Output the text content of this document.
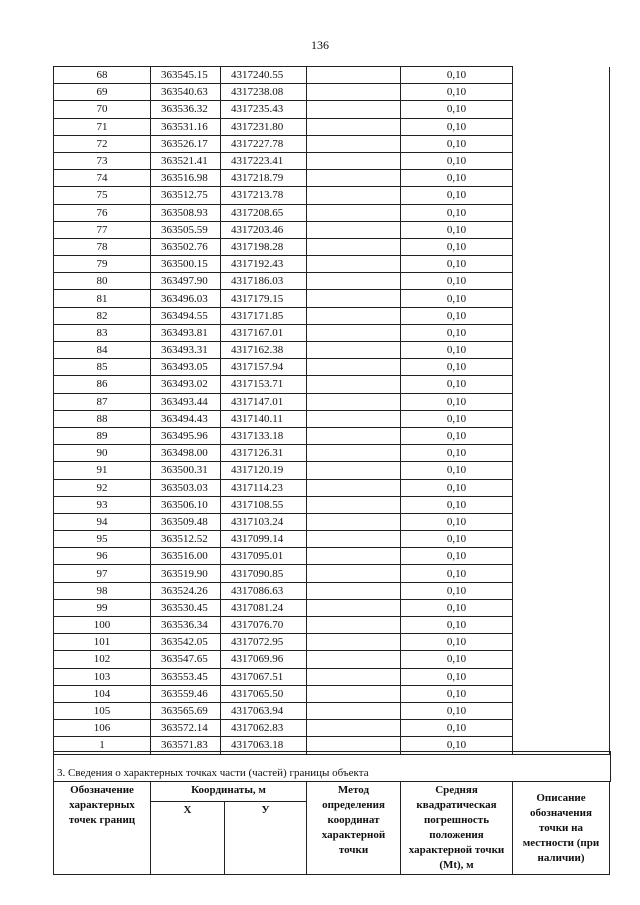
136
68	363545.15	4317240.55		0,10	
69	363540.63	4317238.08		0,10	
70	363536.32	4317235.43		0,10	
71	363531.16	4317231.80		0,10	
72	363526.17	4317227.78		0,10	
73	363521.41	4317223.41		0,10	
74	363516.98	4317218.79		0,10	
75	363512.75	4317213.78		0,10	
76	363508.93	4317208.65		0,10	
77	363505.59	4317203.46		0,10	
78	363502.76	4317198.28		0,10	
79	363500.15	4317192.43		0,10	
80	363497.90	4317186.03		0,10	
81	363496.03	4317179.15		0,10	
82	363494.55	4317171.85		0,10	
83	363493.81	4317167.01		0,10	
84	363493.31	4317162.38		0,10	
85	363493.05	4317157.94		0,10	
86	363493.02	4317153.71		0,10	
87	363493.44	4317147.01		0,10	
88	363494.43	4317140.11		0,10	
89	363495.96	4317133.18		0,10	
90	363498.00	4317126.31		0,10	
91	363500.31	4317120.19		0,10	
92	363503.03	4317114.23		0,10	
93	363506.10	4317108.55		0,10	
94	363509.48	4317103.24		0,10	
95	363512.52	4317099.14		0,10	
96	363516.00	4317095.01		0,10	
97	363519.90	4317090.85		0,10	
98	363524.26	4317086.63		0,10	
99	363530.45	4317081.24		0,10	
100	363536.34	4317076.70		0,10	
101	363542.05	4317072.95		0,10	
102	363547.65	4317069.96		0,10	
103	363553.45	4317067.51		0,10	
104	363559.46	4317065.50		0,10	
105	363565.69	4317063.94		0,10	
106	363572.14	4317062.83		0,10	
1	363571.83	4317063.18		0,10	
3. Сведения о характерных точках части (частей) границы объекта
Обозначение характерных точек границ	Координаты, м		Метод определения координат характерной точки	Средняя квадратическая погрешность положения характерной точки (Mt), м	Описание обозначения точки на местности (при наличии)
	X	У			
